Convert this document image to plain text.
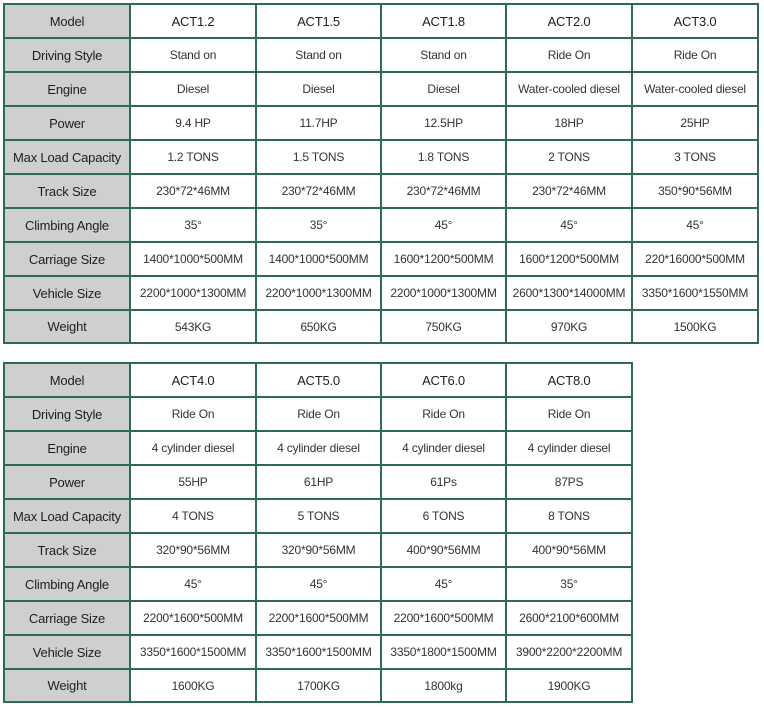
Model	ACT1.2	ACT1.5	ACT1.8	ACT2.0	ACT3.0
Driving Style	Stand on	Stand on	Stand on	Ride On	Ride On
Engine	Diesel	Diesel	Diesel	Water-cooled diesel	Water-cooled diesel
Power	9.4 HP	11.7HP	12.5HP	18HP	25HP
Max Load Capacity	1.2 TONS	1.5 TONS	1.8 TONS	2 TONS	3 TONS
Track Size	230*72*46MM	230*72*46MM	230*72*46MM	230*72*46MM	350*90*56MM
Climbing Angle	35°	35°	45°	45°	45°
Carriage Size	1400*1000*500MM	1400*1000*500MM	1600*1200*500MM	1600*1200*500MM	220*16000*500MM
Vehicle Size	2200*1000*1300MM	2200*1000*1300MM	2200*1000*1300MM	2600*1300*14000MM	3350*1600*1550MM
Weight	543KG	650KG	750KG	970KG	1500KG
Model	ACT4.0	ACT5.0	ACT6.0	ACT8.0
Driving Style	Ride On	Ride On	Ride On	Ride On
Engine	4 cylinder diesel	4 cylinder diesel	4 cylinder diesel	4 cylinder diesel
Power	55HP	61HP	61Ps	87PS
Max Load Capacity	4 TONS	5 TONS	6 TONS	8 TONS
Track Size	320*90*56MM	320*90*56MM	400*90*56MM	400*90*56MM
Climbing Angle	45°	45°	45°	35°
Carriage Size	2200*1600*500MM	2200*1600*500MM	2200*1600*500MM	2600*2100*600MM
Vehicle Size	3350*1600*1500MM	3350*1600*1500MM	3350*1800*1500MM	3900*2200*2200MM
Weight	1600KG	1700KG	1800kg	1900KG
